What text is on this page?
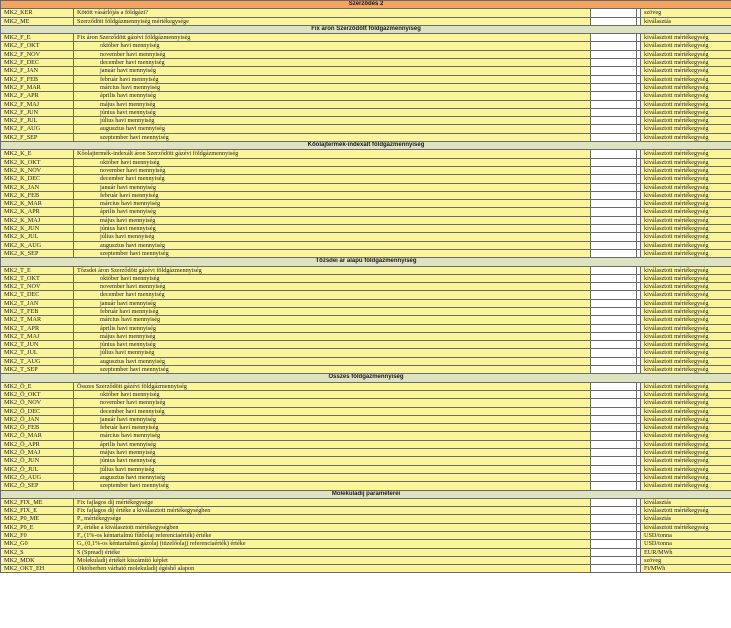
Szerződés 2				
MK2_KER	Kötött vásárlójás a földgázt?			szöveg
MK2_ME	Szerződött földgázmennyiség mértékegysége			kiválasztás
Fix áron Szerződött földgázmennyiség				
MK2_F_E	Fix áron Szerződött gázévi földgázmennyiség			kiválasztott mértékegység
MK2_F_OKT	október havi mennyiség			kiválasztott mértékegység
MK2_F_NOV	november havi mennyiség			kiválasztott mértékegység
MK2_F_DEC	december havi mennyiség			kiválasztott mértékegység
MK2_F_JAN	január havi mennyiség			kiválasztott mértékegység
MK2_F_FEB	február havi mennyiség			kiválasztott mértékegység
MK2_F_MAR	március havi mennyiség			kiválasztott mértékegység
MK2_F_APR	április havi mennyiség			kiválasztott mértékegység
MK2_F_MAJ	május havi mennyiség			kiválasztott mértékegység
MK2_F_JUN	június havi mennyiség			kiválasztott mértékegység
MK2_F_JUL	július havi mennyiség			kiválasztott mértékegység
MK2_F_AUG	augusztus havi mennyiség			kiválasztott mértékegység
MK2_F_SEP	szeptember havi mennyiség			kiválasztott mértékegység
Kőolajtermék-indexált földgázmennyiség				
MK2_K_E	Kőolajtermék-indexált áron Szerződött gázévi földgázmennyiség			kiválasztott mértékegység
MK2_K_OKT	október havi mennyiség			kiválasztott mértékegység
MK2_K_NOV	november havi mennyiség			kiválasztott mértékegység
MK2_K_DEC	december havi mennyiség			kiválasztott mértékegység
MK2_K_JAN	január havi mennyiség			kiválasztott mértékegység
MK2_K_FEB	február havi mennyiség			kiválasztott mértékegység
MK2_K_MAR	március havi mennyiség			kiválasztott mértékegység
MK2_K_APR	április havi mennyiség			kiválasztott mértékegység
MK2_K_MAJ	május havi mennyiség			kiválasztott mértékegység
MK2_K_JUN	június havi mennyiség			kiválasztott mértékegység
MK2_K_JUL	július havi mennyiség			kiválasztott mértékegység
MK2_K_AUG	augusztus havi mennyiség			kiválasztott mértékegység
MK2_K_SEP	szeptember havi mennyiség			kiválasztott mértékegység
Tőzsdei ár alapú földgázmennyiség				
MK2_T_E	Tőzsdei áron Szerződött gázévi földgázmennyiség			kiválasztott mértékegység
MK2_T_OKT	október havi mennyiség			kiválasztott mértékegység
MK2_T_NOV	november havi mennyiség			kiválasztott mértékegység
MK2_T_DEC	december havi mennyiség			kiválasztott mértékegység
MK2_T_JAN	január havi mennyiség			kiválasztott mértékegység
MK2_T_FEB	február havi mennyiség			kiválasztott mértékegység
MK2_T_MAR	március havi mennyiség			kiválasztott mértékegység
MK2_T_APR	április havi mennyiség			kiválasztott mértékegység
MK2_T_MAJ	május havi mennyiség			kiválasztott mértékegység
MK2_T_JUN	június havi mennyiség			kiválasztott mértékegység
MK2_T_JUL	július havi mennyiség			kiválasztott mértékegység
MK2_T_AUG	augusztus havi mennyiség			kiválasztott mértékegység
MK2_T_SEP	szeptember havi mennyiség			kiválasztott mértékegység
Összes földgázmennyiség				
MK2_Ö_E	Összes Szerződött gázévi földgázmennyiség			kiválasztott mértékegység
MK2_Ö_OKT	október havi mennyiség			kiválasztott mértékegység
MK2_Ö_NOV	november havi mennyiség			kiválasztott mértékegység
MK2_Ö_DEC	december havi mennyiség			kiválasztott mértékegység
MK2_Ö_JAN	január havi mennyiség			kiválasztott mértékegység
MK2_Ö_FEB	február havi mennyiség			kiválasztott mértékegység
MK2_Ö_MAR	március havi mennyiség			kiválasztott mértékegység
MK2_Ö_APR	április havi mennyiség			kiválasztott mértékegység
MK2_Ö_MAJ	május havi mennyiség			kiválasztott mértékegység
MK2_Ö_JUN	június havi mennyiség			kiválasztott mértékegység
MK2_Ö_JUL	július havi mennyiség			kiválasztott mértékegység
MK2_Ö_AUG	augusztus havi mennyiség			kiválasztott mértékegység
MK2_Ö_SEP	szeptember havi mennyiség			kiválasztott mértékegység
Molekuladíj paraméterei				
MK2_FIX_ME	Fix fajlagos díj mértékegysége			kiválasztás
MK2_FIX_E	Fix fajlagos díj értéke a kiválasztott mértékegységben			kiválasztott mértékegység
MK2_P0_ME	P₀ mértékegysége			kiválasztás
MK2_P0_E	P₀ értéke a kiválasztott mértékegységben			kiválasztott mértékegység
MK2_F0	F₀ (1%-os kéntartalmú fűtőolaj referenciaérték) értéke			USD/tonna
MK2_G0	G₀ (0,1%-os kéntartalmú gázolaj (tüzelőolaj) referenciaérték) értéke			USD/tonna
MK2_S	S (Spread) értéke			EUR/MWh
MK2_MDK	Molekuladíj értékét kiszámító képlet			szöveg
MK2_OKT_EH	Októberben várható molekuladíj égéshő alapon			Ft/MWh
